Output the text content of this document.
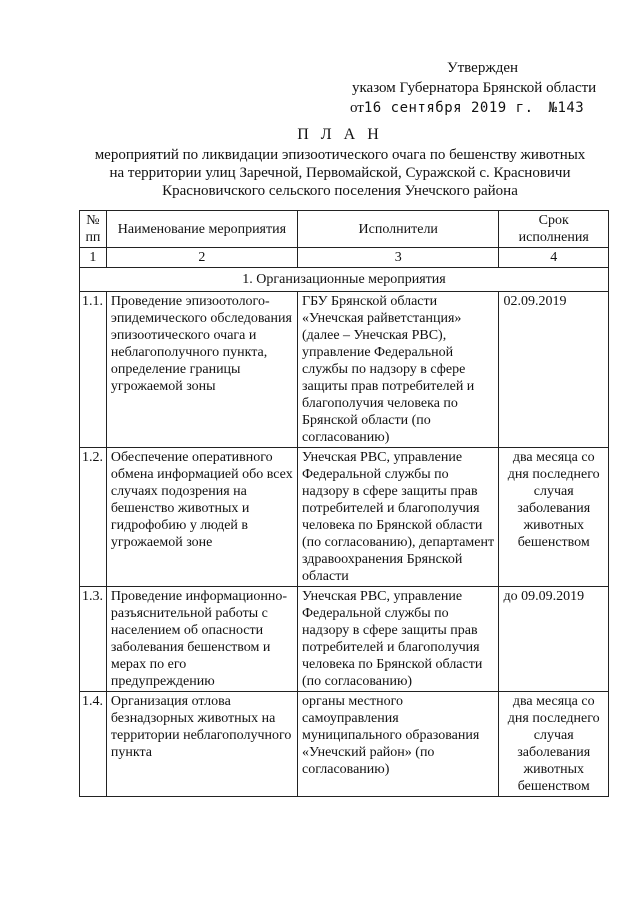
Утвержден
указом Губернатора Брянской области
от16 сентября 2019 г. №143
П Л А Н
мероприятий по ликвидации эпизоотического очага по бешенству животных
на территории улиц Заречной, Первомайской, Суражской с. Красновичи
Красновичского сельского поселения Унечского района
№ пп	Наименование мероприятия	Исполнители	Срок исполнения
1	2	3	4
1. Организационные мероприятия			
1.1.	Проведение эпизоотолого-эпидемического обследования эпизоотического очага и неблагополучного пункта, определение границы угрожаемой зоны	ГБУ Брянской области «Унечская райветстанция» (далее – Унечская РВС), управление Федеральной службы по надзору в сфере защиты прав потребителей и благополучия человека по Брянской области (по согласованию)	02.09.2019
1.2.	Обеспечение оперативного обмена информацией обо всех случаях подозрения на бешенство животных и гидрофобию у людей в угрожаемой зоне	Унечская РВС, управление Федеральной службы по надзору в сфере защиты прав потребителей и благополучия человека по Брянской области (по согласованию), департамент здравоохранения Брянской области	два месяца со дня последнего случая заболевания животных бешенством
1.3.	Проведение информационно-разъяснительной работы с населением об опасности заболевания бешенством и мерах по его предупреждению	Унечская РВС, управление Федеральной службы по надзору в сфере защиты прав потребителей и благополучия человека по Брянской области (по согласованию)	до 09.09.2019
1.4.	Организация отлова безнадзорных животных на территории неблагополучного пункта	органы местного самоуправления муниципального образования «Унечский район» (по согласованию)	два месяца со дня последнего случая заболевания животных бешенством
